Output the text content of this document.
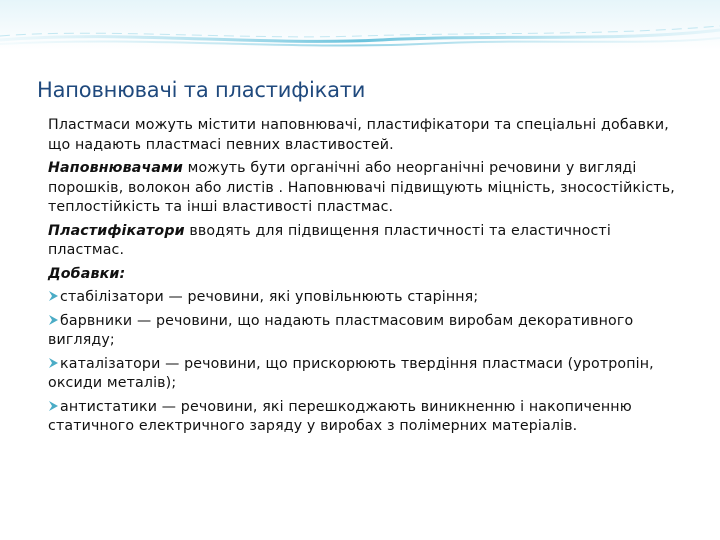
Наповнювачі та пластифікати

Пластмаси можуть містити наповнювачі, пластифікатори та спеціальні добавки, що надають пластмасі певних властивостей.

Наповнювачами можуть бути органічні або неорганічні речовини у вигляді порошків, волокон або листів . Наповнювачі підвищують міцність, зносостійкість, теплостійкість та інші властивості пластмас.

Пластифікатори вводять для підвищення пластичності та еластичності пластмас.

Добавки:

стабілізатори — речовини, які уповільнюють старіння;
барвники — речовини, що надають пластмасовим виробам декоративного вигляду;
каталізатори — речовини, що прискорюють твердіння пластмаси (уротропін, оксиди металів);
антистатики — речовини, які перешкоджають виникненню і накопиченню статичного електричного заряду у виробах з полімерних матеріалів.
